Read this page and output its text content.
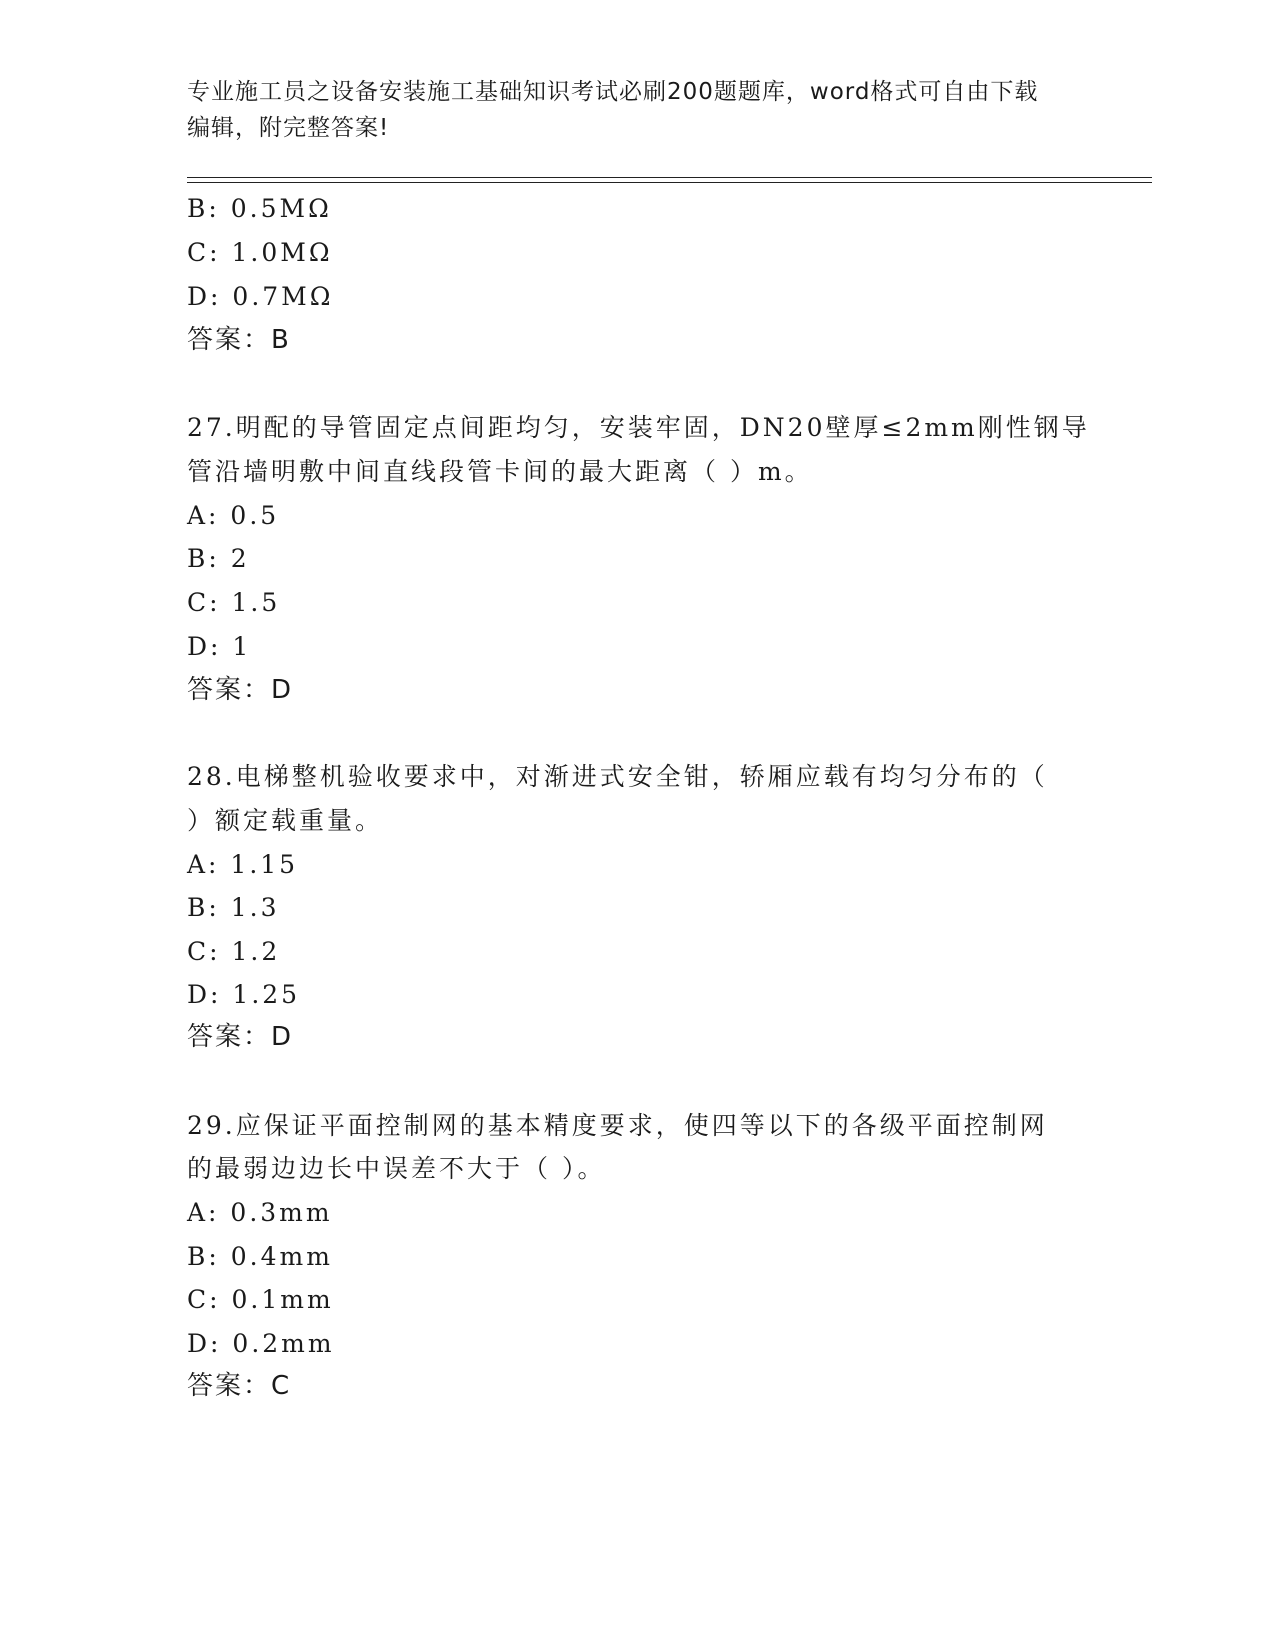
专业施工员之设备安装施工基础知识考试必刷200题题库，word格式可自由下载
编辑，附完整答案!
B: 0.5MΩ
C: 1.0MΩ
D: 0.7MΩ
答案：B
27.明配的导管固定点间距均匀，安装牢固，DN20壁厚≤2mm刚性钢导
管沿墙明敷中间直线段管卡间的最大距离（ ）m。
A: 0.5
B: 2
C: 1.5
D: 1
答案：D
28.电梯整机验收要求中，对渐进式安全钳，轿厢应载有均匀分布的（
）额定载重量。
A: 1.15
B: 1.3
C: 1.2
D: 1.25
答案：D
29.应保证平面控制网的基本精度要求，使四等以下的各级平面控制网
的最弱边边长中误差不大于（ ）。
A: 0.3mm
B: 0.4mm
C: 0.1mm
D: 0.2mm
答案：C
